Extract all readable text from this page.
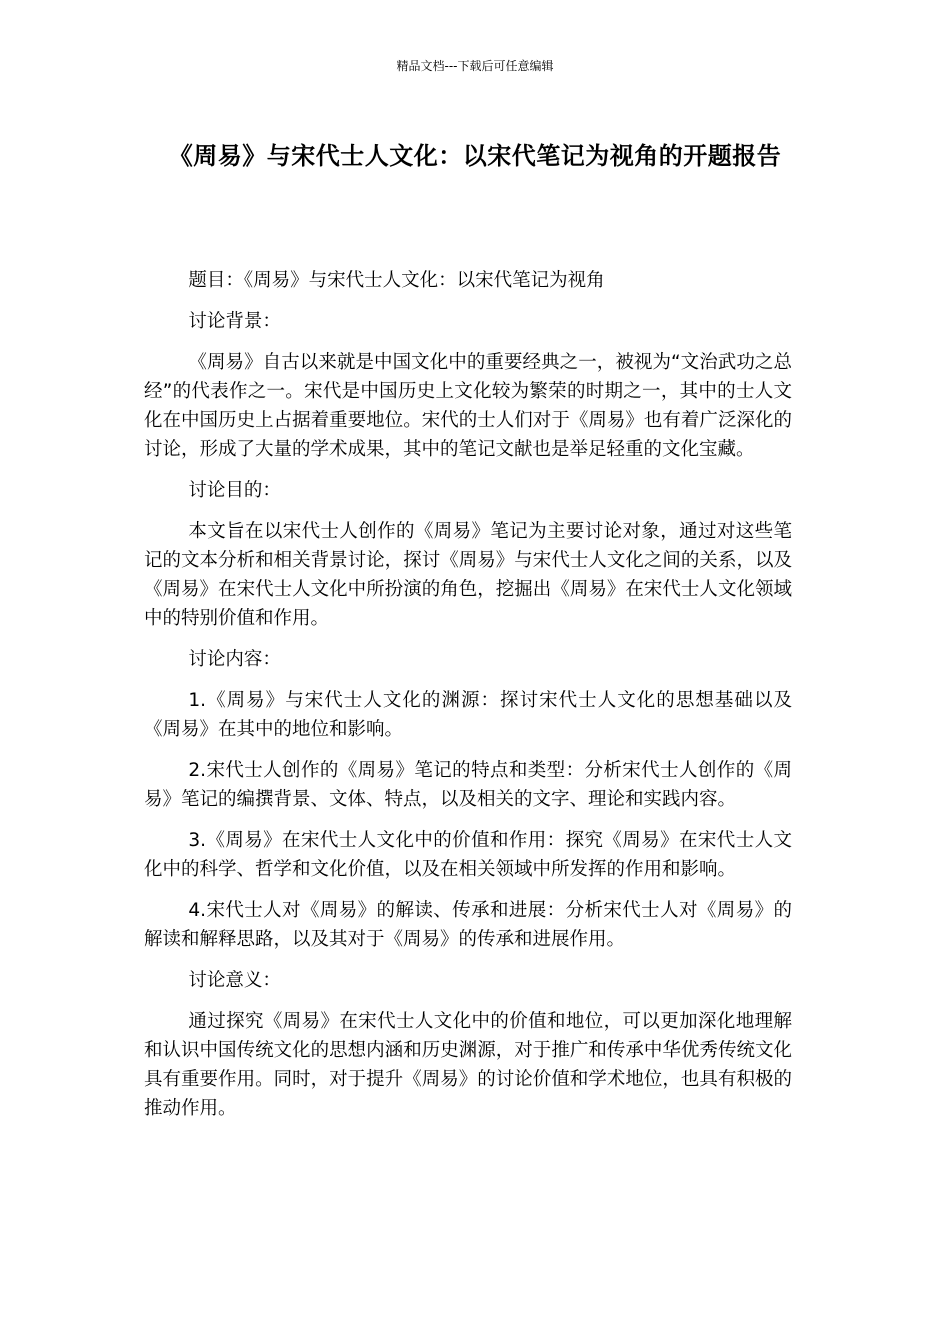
精品文档---下载后可任意编辑
《周易》与宋代士人文化：以宋代笔记为视角的开题报告

题目：《周易》与宋代士人文化：以宋代笔记为视角

讨论背景：

《周易》自古以来就是中国文化中的重要经典之一，被视为“文治武功之总经”的代表作之一。宋代是中国历史上文化较为繁荣的时期之一，其中的士人文化在中国历史上占据着重要地位。宋代的士人们对于《周易》也有着广泛深化的讨论，形成了大量的学术成果，其中的笔记文献也是举足轻重的文化宝藏。

讨论目的：

本文旨在以宋代士人创作的《周易》笔记为主要讨论对象，通过对这些笔记的文本分析和相关背景讨论，探讨《周易》与宋代士人文化之间的关系，以及《周易》在宋代士人文化中所扮演的角色，挖掘出《周易》在宋代士人文化领域中的特别价值和作用。

讨论内容：

1.《周易》与宋代士人文化的渊源：探讨宋代士人文化的思想基础以及《周易》在其中的地位和影响。

2.宋代士人创作的《周易》笔记的特点和类型：分析宋代士人创作的《周易》笔记的编撰背景、文体、特点，以及相关的文字、理论和实践内容。

3.《周易》在宋代士人文化中的价值和作用：探究《周易》在宋代士人文化中的科学、哲学和文化价值，以及在相关领域中所发挥的作用和影响。

4.宋代士人对《周易》的解读、传承和进展：分析宋代士人对《周易》的解读和解释思路，以及其对于《周易》的传承和进展作用。

讨论意义：

通过探究《周易》在宋代士人文化中的价值和地位，可以更加深化地理解和认识中国传统文化的思想内涵和历史渊源，对于推广和传承中华优秀传统文化具有重要作用。同时，对于提升《周易》的讨论价值和学术地位，也具有积极的推动作用。
